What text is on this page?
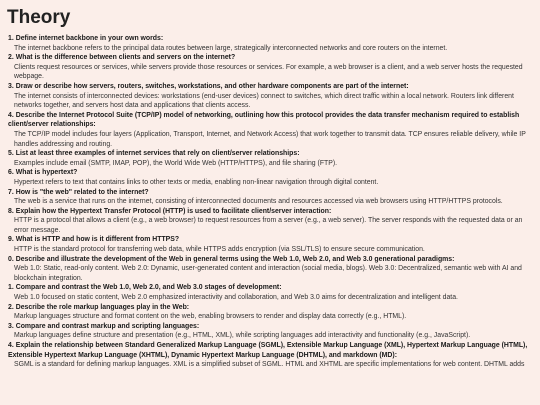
Theory
1. Define internet backbone in your own words:
The internet backbone refers to the principal data routes between large, strategically interconnected networks and core routers on the internet.
2. What is the difference between clients and servers on the internet?
Clients request resources or services, while servers provide those resources or services. For example, a web browser is a client, and a web server hosts the requested webpage.
3. Draw or describe how servers, routers, switches, workstations, and other hardware components are part of the internet:
The internet consists of interconnected devices: workstations (end-user devices) connect to switches, which direct traffic within a local network. Routers link different networks together, and servers host data and applications that clients access.
4. Describe the Internet Protocol Suite (TCP/IP) model of networking, outlining how this protocol provides the data transfer mechanism required to establish client/server relationships:
The TCP/IP model includes four layers (Application, Transport, Internet, and Network Access) that work together to transmit data. TCP ensures reliable delivery, while IP handles addressing and routing.
5. List at least three examples of internet services that rely on client/server relationships:
Examples include email (SMTP, IMAP, POP), the World Wide Web (HTTP/HTTPS), and file sharing (FTP).
6. What is hypertext?
Hypertext refers to text that contains links to other texts or media, enabling non-linear navigation through digital content.
7. How is "the web" related to the internet?
The web is a service that runs on the internet, consisting of interconnected documents and resources accessed via web browsers using HTTP/HTTPS protocols.
8. Explain how the Hypertext Transfer Protocol (HTTP) is used to facilitate client/server interaction:
HTTP is a protocol that allows a client (e.g., a web browser) to request resources from a server (e.g., a web server). The server responds with the requested data or an error message.
9. What is HTTP and how is it different from HTTPS?
HTTP is the standard protocol for transferring web data, while HTTPS adds encryption (via SSL/TLS) to ensure secure communication.
0. Describe and illustrate the development of the Web in general terms using the Web 1.0, Web 2.0, and Web 3.0 generational paradigms:
Web 1.0: Static, read-only content. Web 2.0: Dynamic, user-generated content and interaction (social media, blogs). Web 3.0: Decentralized, semantic web with AI and blockchain integration.
1. Compare and contrast the Web 1.0, Web 2.0, and Web 3.0 stages of development:
Web 1.0 focused on static content, Web 2.0 emphasized interactivity and collaboration, and Web 3.0 aims for decentralization and intelligent data.
2. Describe the role markup languages play in the Web:
Markup languages structure and format content on the web, enabling browsers to render and display data correctly (e.g., HTML).
3. Compare and contrast markup and scripting languages:
Markup languages define structure and presentation (e.g., HTML, XML), while scripting languages add interactivity and functionality (e.g., JavaScript).
4. Explain the relationship between Standard Generalized Markup Language (SGML), Extensible Markup Language (XML), Hypertext Markup Language (HTML), Extensible Hypertext Markup Language (XHTML), Dynamic Hypertext Markup Language (DHTML), and markdown (MD):
SGML is a standard for defining markup languages. XML is a simplified subset of SGML. HTML and XHTML are specific implementations for web content. DHTML adds
